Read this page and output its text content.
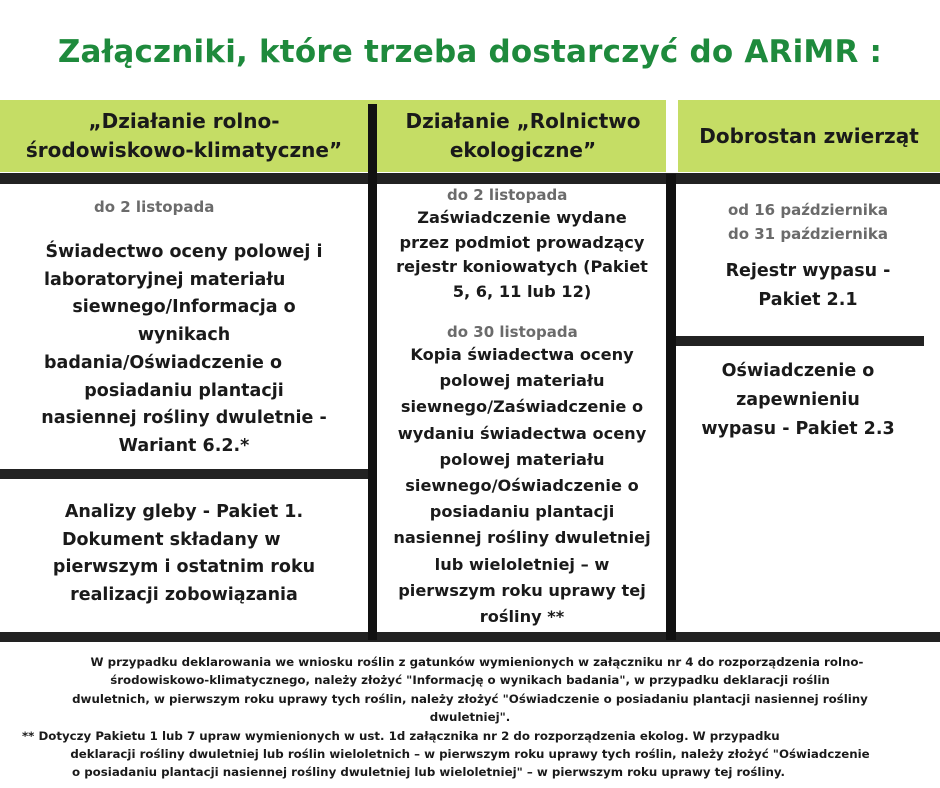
Załączniki, które trzeba dostarczyć do ARiMR :
„Działanie rolno-
środowiskowo-klimatyczne”
Działanie „Rolnictwo
ekologiczne”
Dobrostan zwierząt
do 2 listopada
Świadectwo oceny polowej i
laboratoryjnej materiału
siewnego/Informacja o
wynikach
badania/Oświadczenie o
posiadaniu plantacji
nasiennej rośliny dwuletnie -
Wariant 6.2.*
Analizy gleby - Pakiet 1.
Dokument składany w
pierwszym i ostatnim roku
realizacji zobowiązania
do 2 listopada
Zaświadczenie wydane
przez podmiot prowadzący
rejestr koniowatych (Pakiet
5, 6, 11 lub 12)
do 30 listopada
Kopia świadectwa oceny
polowej materiału
siewnego/Zaświadczenie o
wydaniu świadectwa oceny
polowej materiału
siewnego/Oświadczenie o
posiadaniu plantacji
nasiennej rośliny dwuletniej
lub wieloletniej – w
pierwszym roku uprawy tej
rośliny **
od 16 października
do 31 października
Rejestr wypasu -
Pakiet 2.1
Oświadczenie o
zapewnieniu
wypasu - Pakiet 2.3
W przypadku deklarowania we wniosku roślin z gatunków wymienionych w załączniku nr 4 do rozporządzenia rolno-
środowiskowo-klimatycznego, należy złożyć "Informację o wynikach badania", w przypadku deklaracji roślin
dwuletnich, w pierwszym roku uprawy tych roślin, należy złożyć "Oświadczenie o posiadaniu plantacji nasiennej rośliny
dwuletniej".
** Dotyczy Pakietu 1 lub 7 upraw wymienionych w ust. 1d załącznika nr 2 do rozporządzenia ekolog. W przypadku
deklaracji rośliny dwuletniej lub roślin wieloletnich – w pierwszym roku uprawy tych roślin, należy złożyć "Oświadczenie
o posiadaniu plantacji nasiennej rośliny dwuletniej lub wieloletniej" – w pierwszym roku uprawy tej rośliny.
